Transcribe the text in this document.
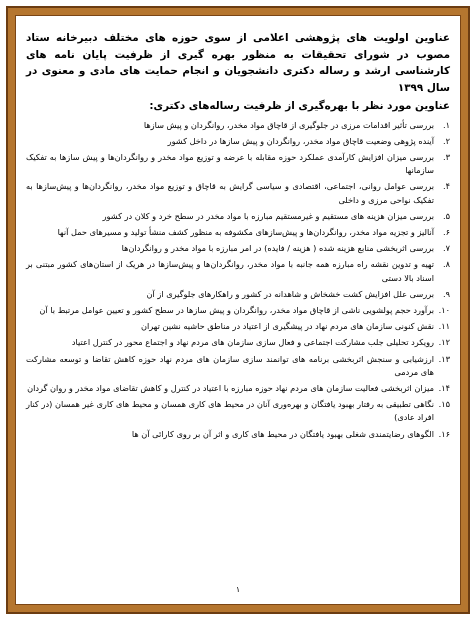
عناوین اولویت های پژوهشی اعلامی از سوی حوزه های مختلف دبیرخانه ستاد مصوب در شورای تحقیقات به منظور بهره گیری از ظرفیت پایان نامه های کارشناسی ارشد و رساله دکتری دانشجویان و انجام حمایت های مادی و معنوی در سال ۱۳۹۹

عناوین مورد نظر با بهره‌گیری از ظرفیت رساله‌های دکتری:

۱.
بررسی تأثیر اقدامات مرزی در جلوگیری از قاچاق مواد مخدر، روانگردان و پیش سازها
۲.
آینده پژوهی وضعیت قاچاق مواد مخدر، روانگردان و پیش سازها در داخل کشور
۳.
بررسی میزان افزایش کارآمدی عملکرد حوزه مقابله با عرضه و توزیع مواد مخدر و روانگردان‌ها و پیش سازها به تفکیک سازمانها
۴.
بررسی عوامل روانی، اجتماعی، اقتصادی و سیاسی گرایش به قاچاق و توزیع مواد مخدر، روانگردان‌ها و پیش‌سازها به تفکیک نواحی مرزی و داخلی
۵.
بررسی میزان هزینه های مستقیم و غیرمستقیم مبارزه با مواد مخدر در سطح خرد و کلان در کشور
۶.
آنالیز و تجزیه مواد مخدر، روانگردان‌ها و پیش‌سازهای مکشوفه به منظور کشف منشأ تولید و مسیرهای حمل آنها
۷.
بررسی اثربخشی منابع هزینه شده ( هزینه / فایده) در امر مبارزه با مواد مخدر و روانگردان‌ها
۸.
تهیه و تدوین نقشه راه مبارزه همه جانبه با مواد مخدر، روانگردان‌ها و پیش‌سازها در هریک از استان‌های کشور مبتنی بر اسناد بالا دستی
۹.
بررسی علل افزایش کشت خشخاش و شاهدانه در کشور و راهکارهای جلوگیری از آن
۱۰.
برآورد حجم پولشویی ناشی از قاچاق مواد مخدر، روانگردان و پیش سازها در سطح کشور و تعیین عوامل مرتبط با آن
۱۱.
نقش کنونی سازمان های مردم نهاد در پیشگیری از اعتیاد در مناطق حاشیه نشین تهران
۱۲.
رویکرد تحلیلی جلب مشارکت اجتماعی و فعال سازی سازمان های مردم نهاد و اجتماع محور در کنترل اعتیاد
۱۳.
ارزشیابی و سنجش اثربخشی برنامه های توانمند سازی سازمان های مردم نهاد حوزه کاهش تقاضا و توسعه مشارکت های مردمی
۱۴.
میزان اثربخشی فعالیت سازمان های مردم نهاد حوزه مبارزه با اعتیاد در کنترل و کاهش تقاضای مواد مخدر و روان گردان
۱۵.
نگاهی تطبیقی به رفتار بهبود یافتگان و بهره‌وری آنان در محیط های کاری همسان و محیط های کاری غیر همسان (در کنار افراد عادی)
۱۶.
الگوهای رضایتمندی شغلی بهبود یافتگان در محیط های کاری و اثر آن بر روی کارائی آن ها
۱
